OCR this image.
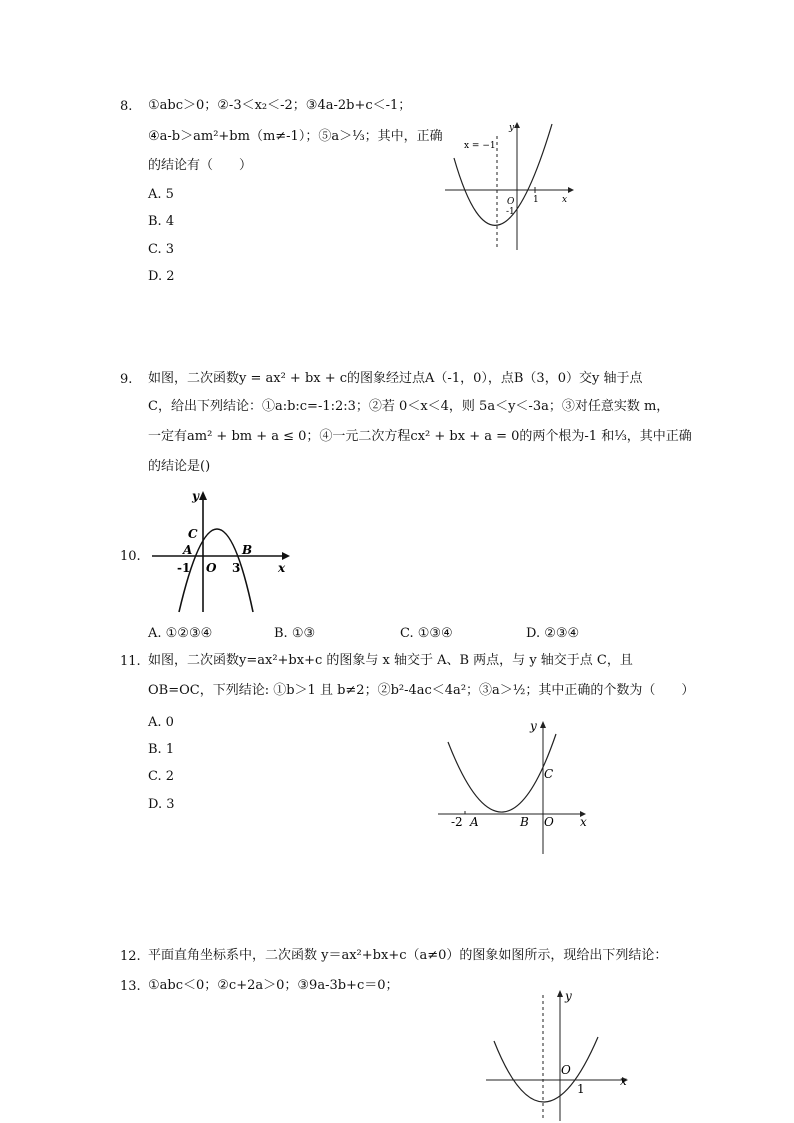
8. ①abc＞0；②-3＜x₂＜-2；③4a-2b+c＜-1；
④a-b＞am²+bm（m≠-1）；⑤a＞⅓；其中，正确
的结论有（　　）
A. 5
B. 4
C. 3
D. 2
x = −1
y
x
O 1
-1
9. 如图，二次函数y = ax² + bx + c的图象经过点A（-1，0），点B（3，0）交y 轴于点
C，给出下列结论：①a:b:c=-1:2:3；②若 0＜x＜4，则 5a＜y＜-3a；③对任意实数 m，
一定有am² + bm + a ≤ 0；④一元二次方程cx² + bx + a = 0的两个根为-1 和⅓，其中正确
的结论是()
10.
y
x
C
A	B
-1 O 3
A. ①②③④	B. ①③	C. ①③④	D. ②③④
11. 如图，二次函数y=ax²+bx+c 的图象与 x 轴交于 A、B 两点，与 y 轴交于点 C，且
OB=OC，下列结论: ①b＞1 且 b≠2；②b²-4ac＜4a²；③a＞½；其中正确的个数为（　　）
A. 0
B. 1
C. 2
D. 3
y
x
C
-2 A	B O
12. 平面直角坐标系中，二次函数 y＝ax²+bx+c（a≠0）的图象如图所示，现给出下列结论：
13. ①abc＜0；②c+2a＞0；③9a-3b+c＝0；
y
x
O
1
